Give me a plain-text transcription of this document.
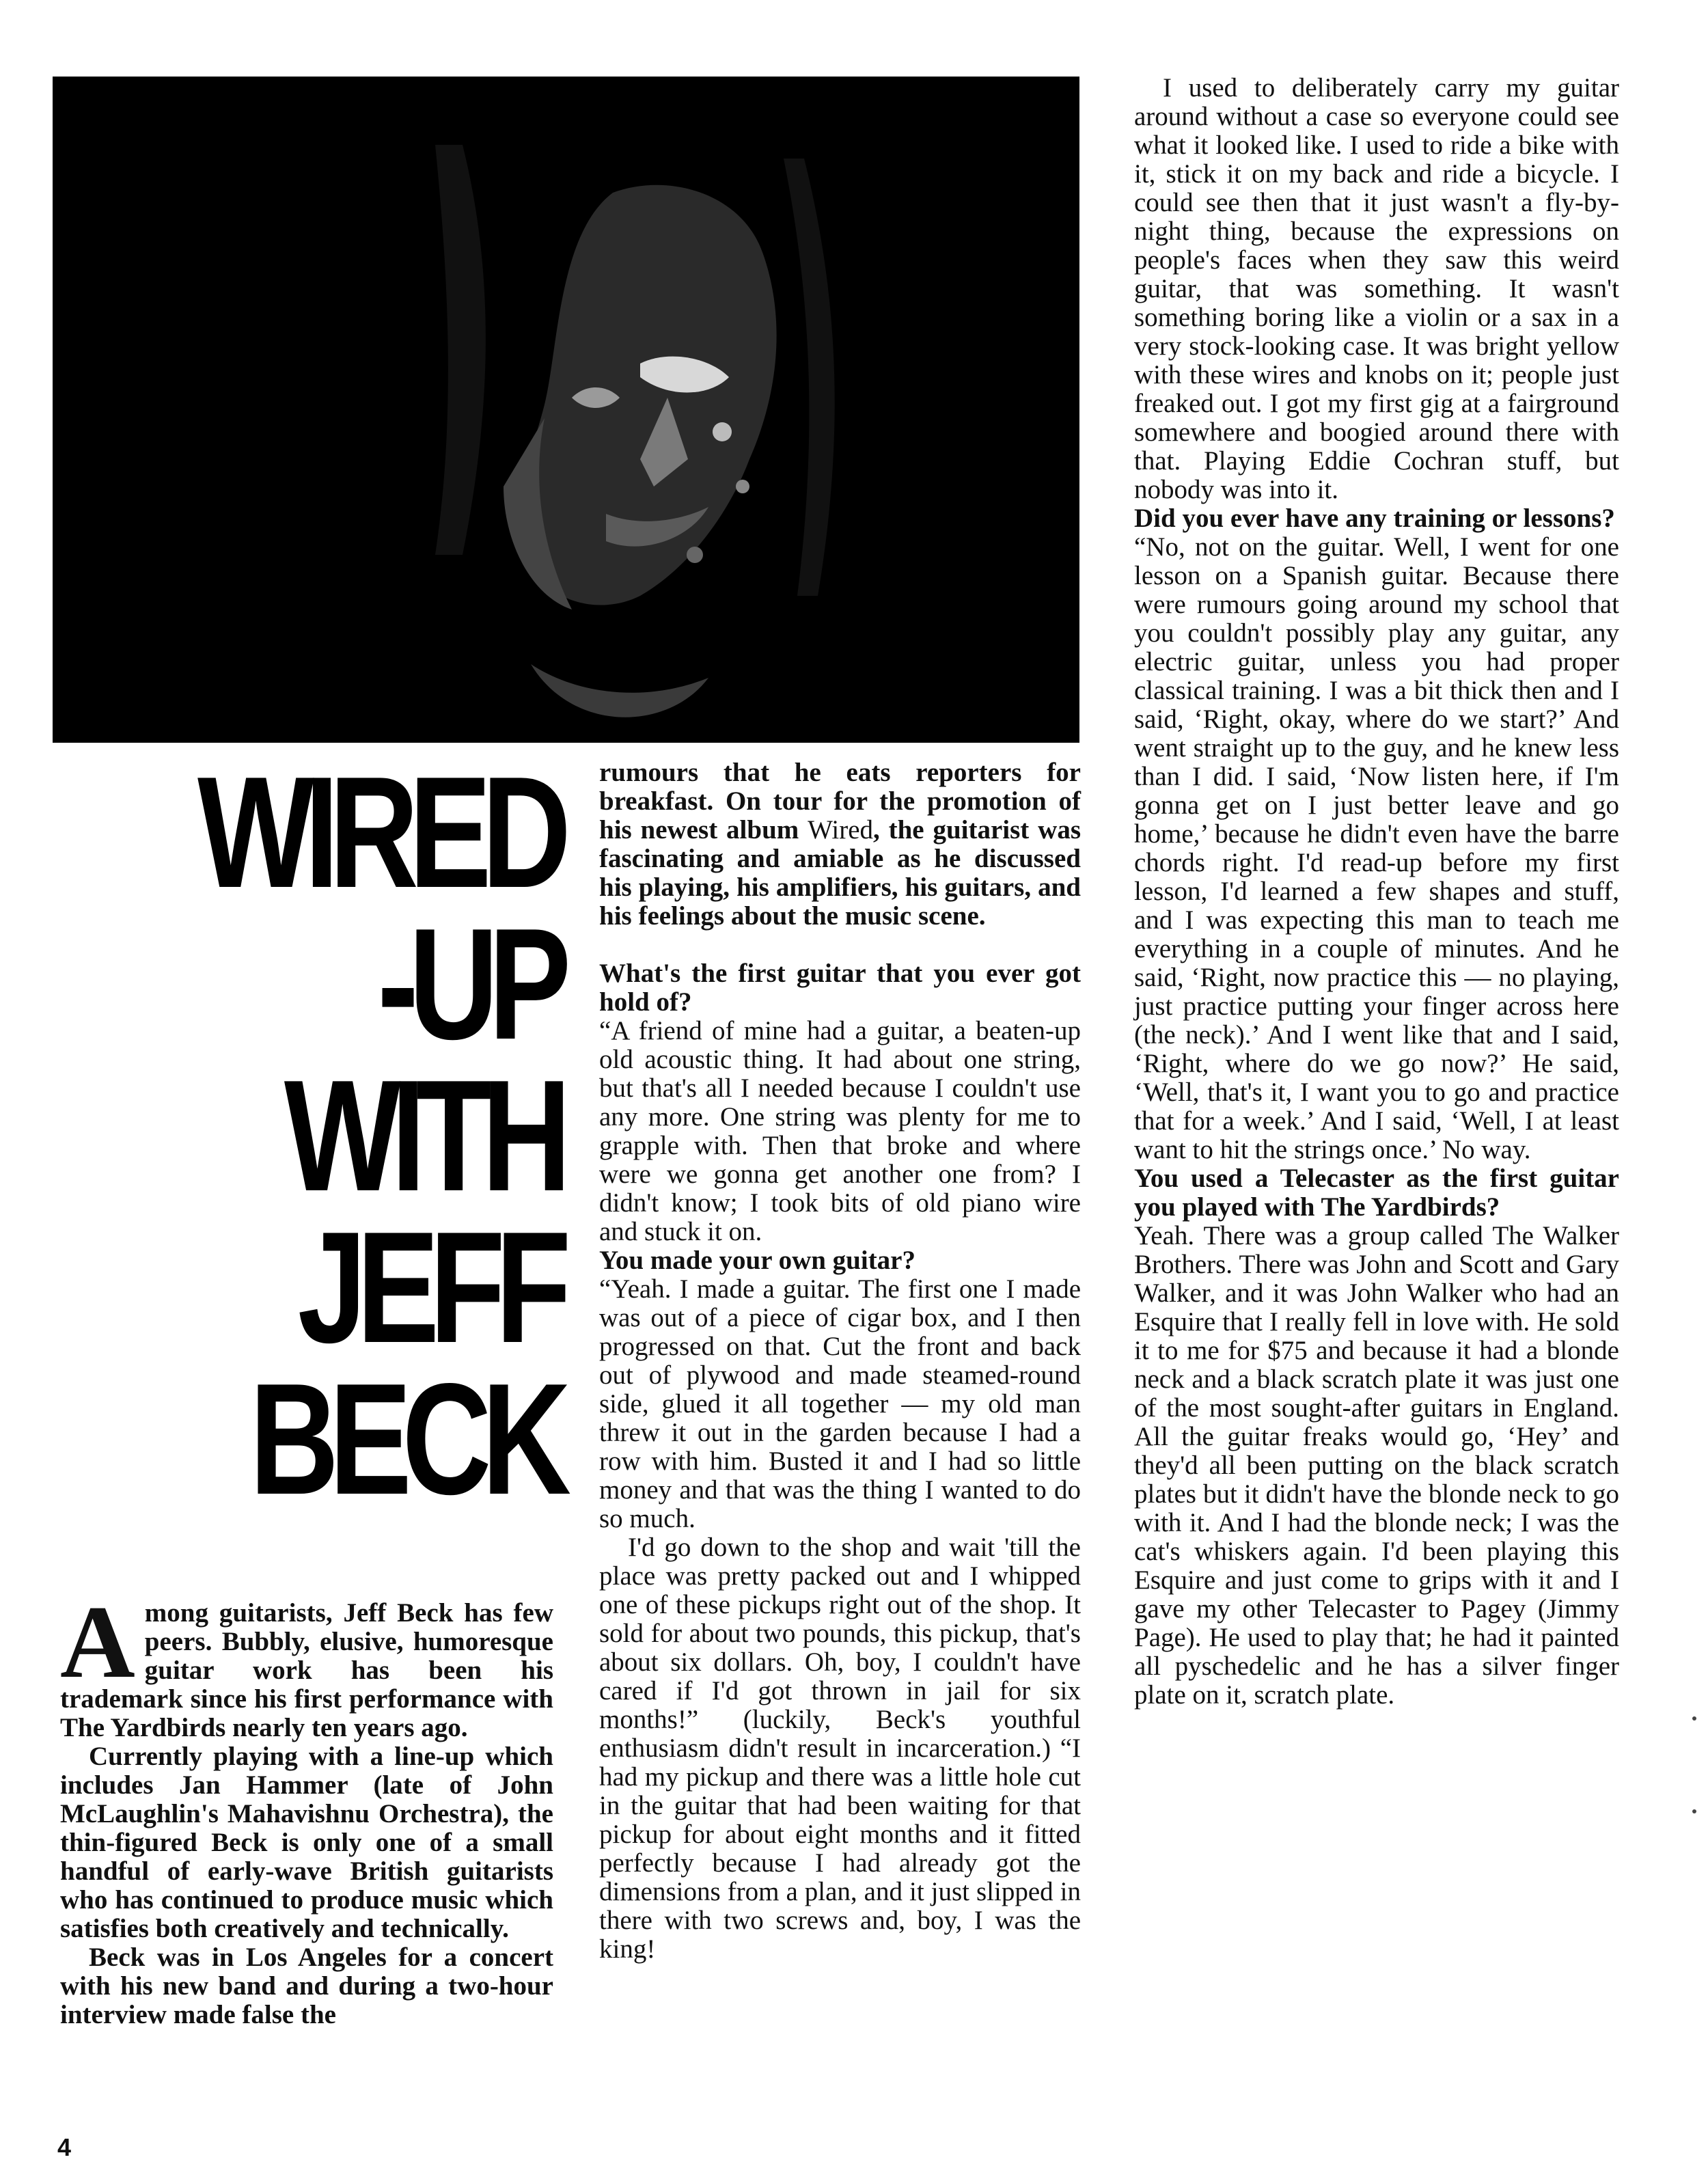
WIRED
-UP
WITH
JEFF
BECK

Among guitarists, Jeff Beck has few peers. Bubbly, elusive, humoresque guitar work has been his trademark since his first performance with The Yardbirds nearly ten years ago.

Currently playing with a line-up which includes Jan Hammer (late of John McLaughlin's Mahavishnu Orchestra), the thin-figured Beck is only one of a small handful of early-wave British guitarists who has continued to produce music which satisfies both creatively and technically.

Beck was in Los Angeles for a concert with his new band and during a two-hour interview made false the

rumours that he eats reporters for breakfast. On tour for the promotion of his newest album Wired, the guitarist was fascinating and amiable as he discussed his playing, his amplifiers, his guitars, and his feelings about the music scene.

What's the first guitar that you ever got hold of?

“A friend of mine had a guitar, a beaten-up old acoustic thing. It had about one string, but that's all I needed because I couldn't use any more. One string was plenty for me to grapple with. Then that broke and where were we gonna get another one from? I didn't know; I took bits of old piano wire and stuck it on.

You made your own guitar?

“Yeah. I made a guitar. The first one I made was out of a piece of cigar box, and I then progressed on that. Cut the front and back out of plywood and made steamed-round side, glued it all together — my old man threw it out in the garden because I had a row with him. Busted it and I had so little money and that was the thing I wanted to do so much.

I'd go down to the shop and wait 'till the place was pretty packed out and I whipped one of these pickups right out of the shop. It sold for about two pounds, this pickup, that's about six dollars. Oh, boy, I couldn't have cared if I'd got thrown in jail for six months!” (luckily, Beck's youthful enthusiasm didn't result in incarceration.) “I had my pickup and there was a little hole cut in the guitar that had been waiting for that pickup for about eight months and it fitted perfectly because I had already got the dimensions from a plan, and it just slipped in there with two screws and, boy, I was the king!

I used to deliberately carry my guitar around without a case so everyone could see what it looked like. I used to ride a bike with it, stick it on my back and ride a bicycle. I could see then that it just wasn't a fly-by-night thing, because the expressions on people's faces when they saw this weird guitar, that was something. It wasn't something boring like a violin or a sax in a very stock-looking case. It was bright yellow with these wires and knobs on it; people just freaked out. I got my first gig at a fairground somewhere and boogied around there with that. Playing Eddie Cochran stuff, but nobody was into it.

Did you ever have any training or lessons?

“No, not on the guitar. Well, I went for one lesson on a Spanish guitar. Because there were rumours going around my school that you couldn't possibly play any guitar, any electric guitar, unless you had proper classical training. I was a bit thick then and I said, ‘Right, okay, where do we start?’ And went straight up to the guy, and he knew less than I did. I said, ‘Now listen here, if I'm gonna get on I just better leave and go home,’ because he didn't even have the barre chords right. I'd read-up before my first lesson, I'd learned a few shapes and stuff, and I was expecting this man to teach me everything in a couple of minutes. And he said, ‘Right, now practice this — no playing, just practice putting your finger across here (the neck).’ And I went like that and I said, ‘Right, where do we go now?’ He said, ‘Well, that's it, I want you to go and practice that for a week.’ And I said, ‘Well, I at least want to hit the strings once.’ No way.

You used a Telecaster as the first guitar you played with The Yardbirds?

Yeah. There was a group called The Walker Brothers. There was John and Scott and Gary Walker, and it was John Walker who had an Esquire that I really fell in love with. He sold it to me for $75 and because it had a blonde neck and a black scratch plate it was just one of the most sought-after guitars in England. All the guitar freaks would go, ‘Hey’ and they'd all been putting on the black scratch plates but it didn't have the blonde neck to go with it. And I had the blonde neck; I was the cat's whiskers again. I'd been playing this Esquire and just come to grips with it and I gave my other Telecaster to Pagey (Jimmy Page). He used to play that; he had it painted all pyschedelic and he has a silver finger plate on it, scratch plate.

4
